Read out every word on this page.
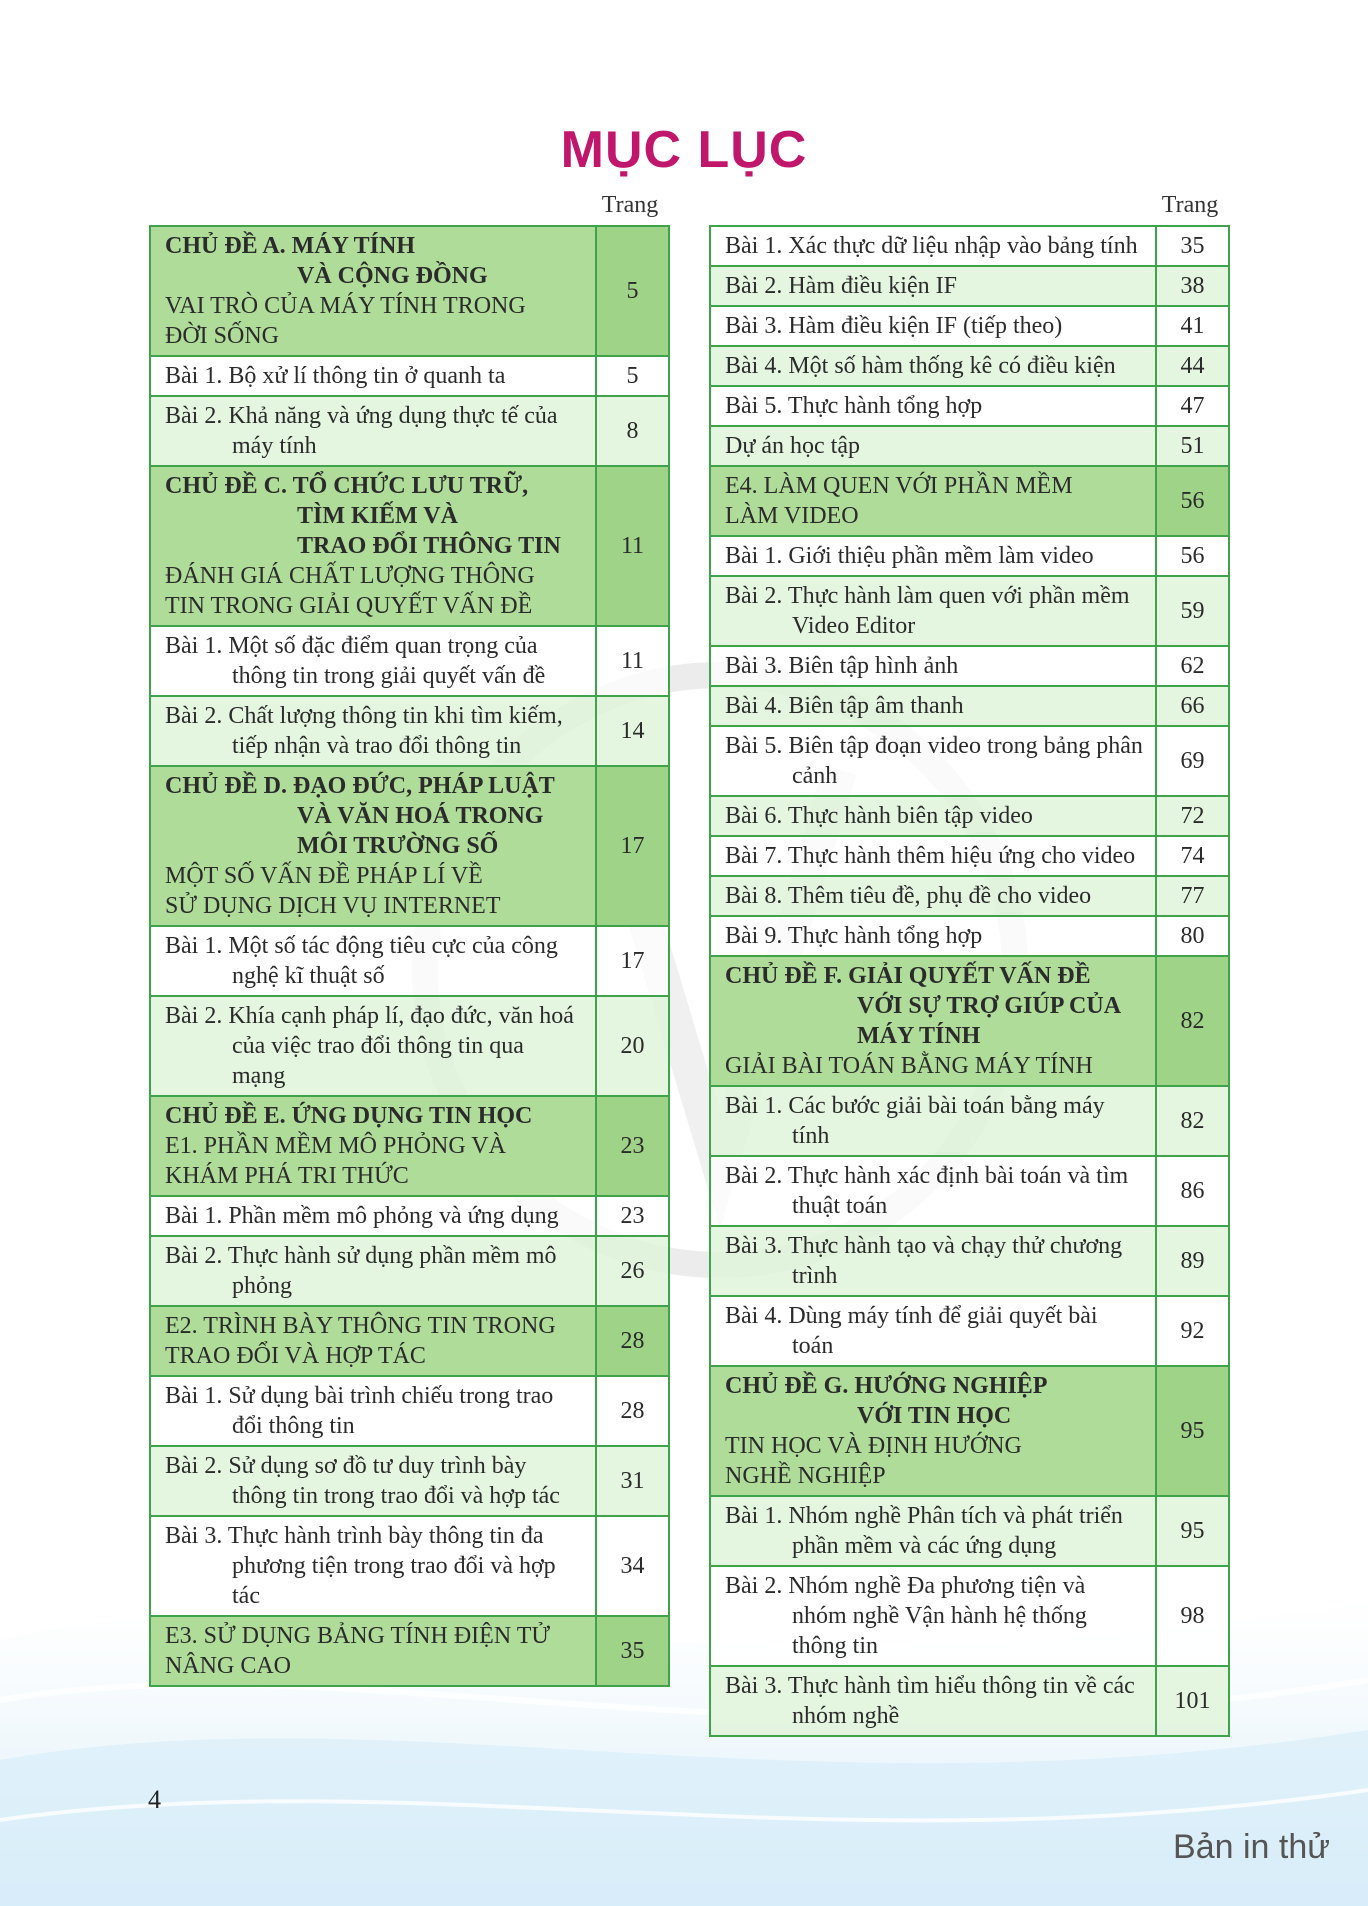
MỤC LỤC
Trang	Trang
CHỦ ĐỀ A. MÁY TÍNH
VÀ CỘNG ĐỒNG
VAI TRÒ CỦA MÁY TÍNH TRONG
ĐỜI SỐNG	5

Bài 1. Bộ xử lí thông tin ở quanh ta	5

Bài 2. Khả năng và ứng dụng thực tế của máy tính	8

CHỦ ĐỀ C. TỔ CHỨC LƯU TRỮ,
TÌM KIẾM VÀ
TRAO ĐỔI THÔNG TIN
ĐÁNH GIÁ CHẤT LƯỢNG THÔNG
TIN TRONG GIẢI QUYẾT VẤN ĐỀ	11

Bài 1. Một số đặc điểm quan trọng của thông tin trong giải quyết vấn đề	11

Bài 2. Chất lượng thông tin khi tìm kiếm, tiếp nhận và trao đổi thông tin	14

CHỦ ĐỀ D. ĐẠO ĐỨC, PHÁP LUẬT
VÀ VĂN HOÁ TRONG
MÔI TRƯỜNG SỐ
MỘT SỐ VẤN ĐỀ PHÁP LÍ VỀ
SỬ DỤNG DỊCH VỤ INTERNET	17

Bài 1. Một số tác động tiêu cực của công nghệ kĩ thuật số	17

Bài 2. Khía cạnh pháp lí, đạo đức, văn hoá của việc trao đổi thông tin qua mạng	20

CHỦ ĐỀ E. ỨNG DỤNG TIN HỌC
E1. PHẦN MỀM MÔ PHỎNG VÀ
KHÁM PHÁ TRI THỨC	23

Bài 1. Phần mềm mô phỏng và ứng dụng	23

Bài 2. Thực hành sử dụng phần mềm mô phỏng	26

E2. TRÌNH BÀY THÔNG TIN TRONG
TRAO ĐỔI VÀ HỢP TÁC	28

Bài 1. Sử dụng bài trình chiếu trong trao đổi thông tin	28

Bài 2. Sử dụng sơ đồ tư duy trình bày thông tin trong trao đổi và hợp tác	31

Bài 3. Thực hành trình bày thông tin đa phương tiện trong trao đổi và hợp tác	34

E3. SỬ DỤNG BẢNG TÍNH ĐIỆN TỬ
NÂNG CAO	35
Bài 1. Xác thực dữ liệu nhập vào bảng tính	35

Bài 2. Hàm điều kiện IF	38

Bài 3. Hàm điều kiện IF (tiếp theo)	41

Bài 4. Một số hàm thống kê có điều kiện	44

Bài 5. Thực hành tổng hợp	47

Dự án học tập	51

E4. LÀM QUEN VỚI PHẦN MỀM
LÀM VIDEO	56

Bài 1. Giới thiệu phần mềm làm video	56

Bài 2. Thực hành làm quen với phần mềm Video Editor	59

Bài 3. Biên tập hình ảnh	62

Bài 4. Biên tập âm thanh	66

Bài 5. Biên tập đoạn video trong bảng phân cảnh	69

Bài 6. Thực hành biên tập video	72

Bài 7. Thực hành thêm hiệu ứng cho video	74

Bài 8. Thêm tiêu đề, phụ đề cho video	77

Bài 9. Thực hành tổng hợp	80

CHỦ ĐỀ F. GIẢI QUYẾT VẤN ĐỀ
VỚI SỰ TRỢ GIÚP CỦA
MÁY TÍNH
GIẢI BÀI TOÁN BẰNG MÁY TÍNH	82

Bài 1. Các bước giải bài toán bằng máy tính	82

Bài 2. Thực hành xác định bài toán và tìm thuật toán	86

Bài 3. Thực hành tạo và chạy thử chương trình	89

Bài 4. Dùng máy tính để giải quyết bài toán	92

CHỦ ĐỀ G. HƯỚNG NGHIỆP
VỚI TIN HỌC
TIN HỌC VÀ ĐỊNH HƯỚNG
NGHỀ NGHIỆP	95

Bài 1. Nhóm nghề Phân tích và phát triển phần mềm và các ứng dụng	95

Bài 2. Nhóm nghề Đa phương tiện và nhóm nghề Vận hành hệ thống thông tin	98

Bài 3. Thực hành tìm hiểu thông tin về các nhóm nghề	101
4
Bản in thử
